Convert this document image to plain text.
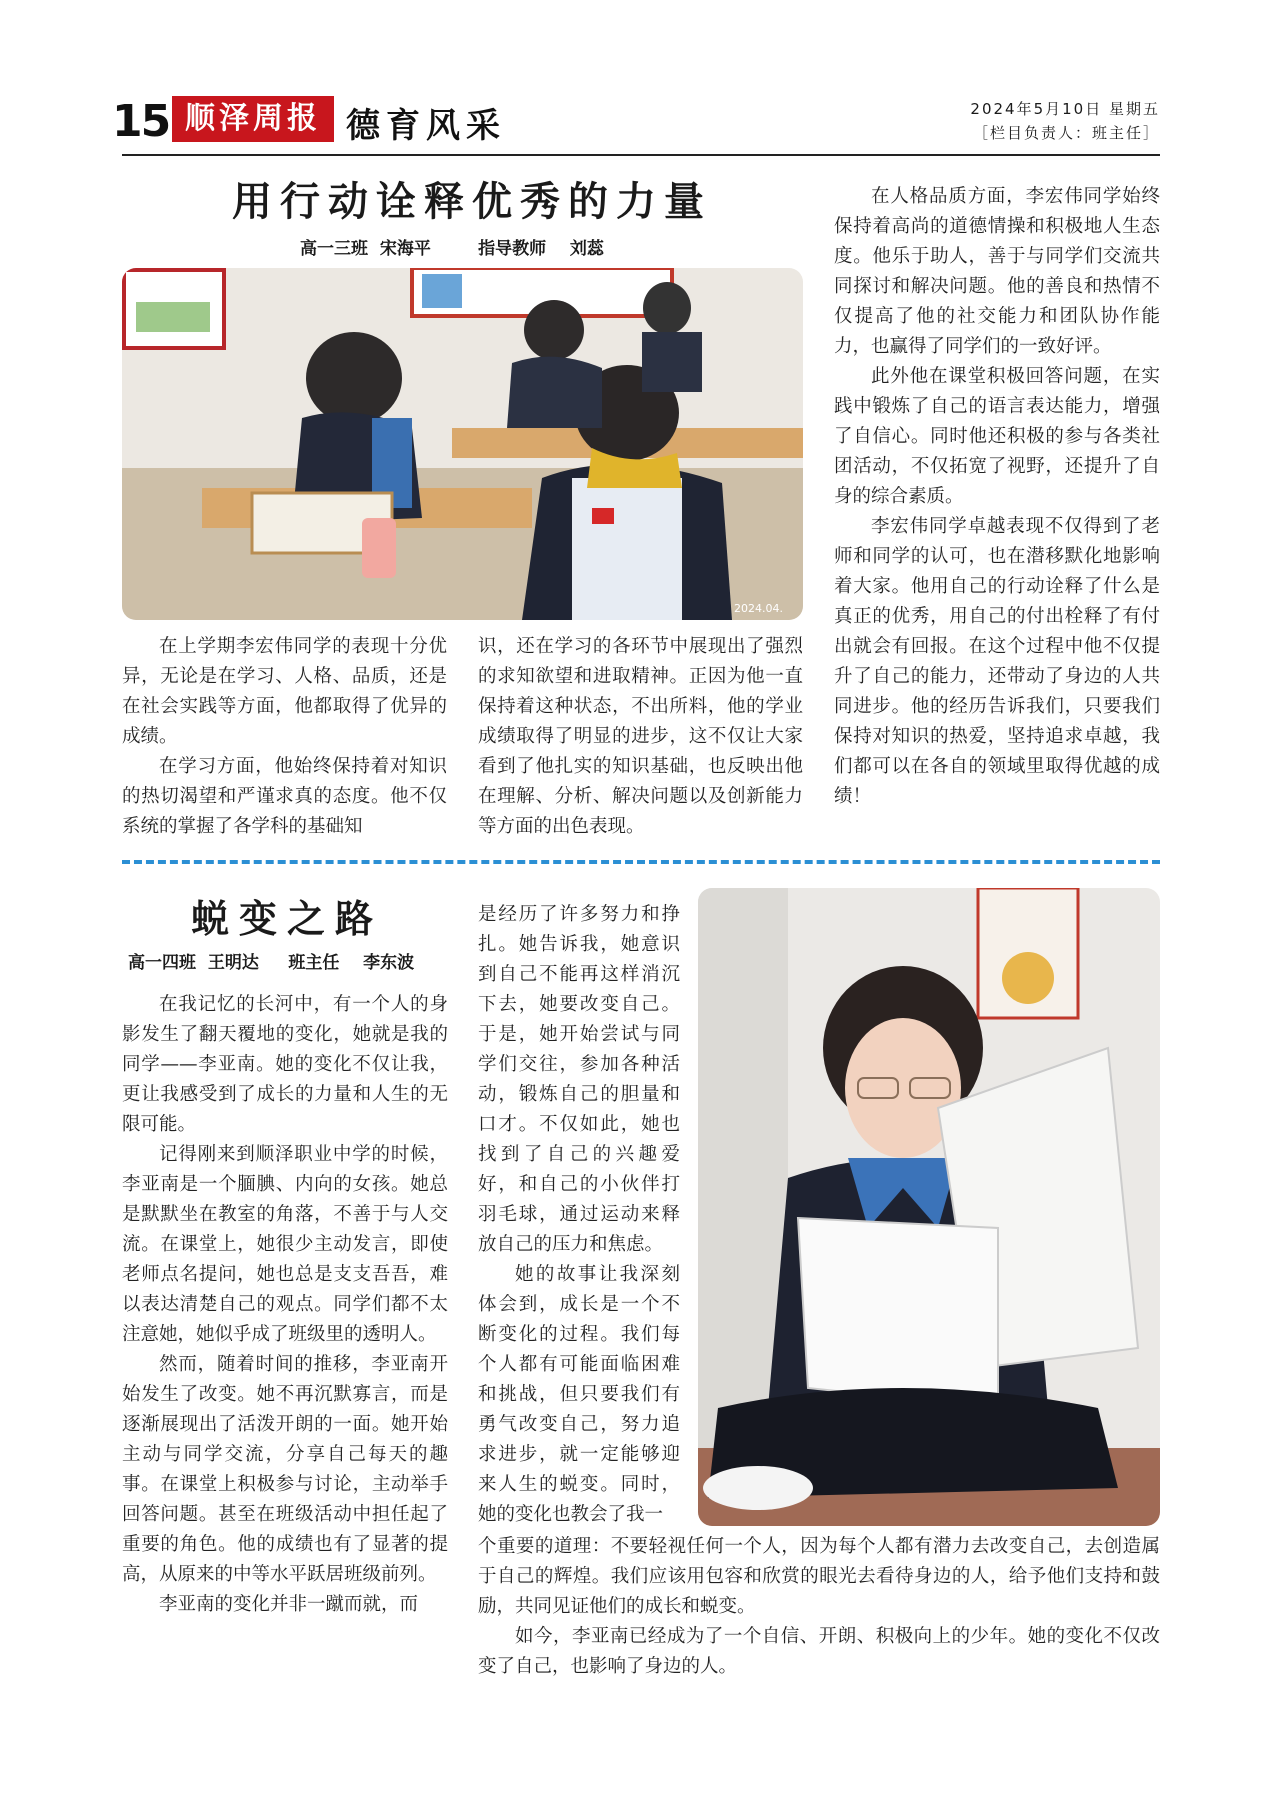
15 顺泽周报 德育风采	2024年5月10日 星期五
［栏目负责人：班主任］
用行动诠释优秀的力量
高一三班  宋海平        指导教师    刘蕊
2024.04.

在上学期李宏伟同学的表现十分优异，无论是在学习、人格、品质，还是在社会实践等方面，他都取得了优异的成绩。

在学习方面，他始终保持着对知识的热切渴望和严谨求真的态度。他不仅系统的掌握了各学科的基础知

识，还在学习的各环节中展现出了强烈的求知欲望和进取精神。正因为他一直保持着这种状态，不出所料，他的学业成绩取得了明显的进步，这不仅让大家看到了他扎实的知识基础，也反映出他在理解、分析、解决问题以及创新能力等方面的出色表现。

在人格品质方面，李宏伟同学始终保持着高尚的道德情操和积极地人生态度。他乐于助人，善于与同学们交流共同探讨和解决问题。他的善良和热情不仅提高了他的社交能力和团队协作能力，也赢得了同学们的一致好评。

此外他在课堂积极回答问题，在实践中锻炼了自己的语言表达能力，增强了自信心。同时他还积极的参与各类社团活动，不仅拓宽了视野，还提升了自身的综合素质。

李宏伟同学卓越表现不仅得到了老师和同学的认可，也在潜移默化地影响着大家。他用自己的行动诠释了什么是真正的优秀，用自己的付出栓释了有付出就会有回报。在这个过程中他不仅提升了自己的能力，还带动了身边的人共同进步。他的经历告诉我们，只要我们保持对知识的热爱，坚持追求卓越，我们都可以在各自的领域里取得优越的成绩！

蜕变之路
高一四班  王明达     班主任    李东波

在我记忆的长河中，有一个人的身影发生了翻天覆地的变化，她就是我的同学——李亚南。她的变化不仅让我，更让我感受到了成长的力量和人生的无限可能。

记得刚来到顺泽职业中学的时候，李亚南是一个腼腆、内向的女孩。她总是默默坐在教室的角落，不善于与人交流。在课堂上，她很少主动发言，即使老师点名提问，她也总是支支吾吾，难以表达清楚自己的观点。同学们都不太注意她，她似乎成了班级里的透明人。

然而，随着时间的推移，李亚南开始发生了改变。她不再沉默寡言，而是逐渐展现出了活泼开朗的一面。她开始主动与同学交流，分享自己每天的趣事。在课堂上积极参与讨论，主动举手回答问题。甚至在班级活动中担任起了重要的角色。他的成绩也有了显著的提高，从原来的中等水平跃居班级前列。

李亚南的变化并非一蹴而就，而

是经历了许多努力和挣扎。她告诉我，她意识到自己不能再这样消沉下去，她要改变自己。于是，她开始尝试与同学们交往，参加各种活动，锻炼自己的胆量和口才。不仅如此，她也找到了自己的兴趣爱好，和自己的小伙伴打羽毛球，通过运动来释放自己的压力和焦虑。

她的故事让我深刻体会到，成长是一个不断变化的过程。我们每个人都有可能面临困难和挑战，但只要我们有勇气改变自己，努力追求进步，就一定能够迎来人生的蜕变。同时，她的变化也教会了我一

个重要的道理：不要轻视任何一个人，因为每个人都有潜力去改变自己，去创造属于自己的辉煌。我们应该用包容和欣赏的眼光去看待身边的人，给予他们支持和鼓励，共同见证他们的成长和蜕变。

如今，李亚南已经成为了一个自信、开朗、积极向上的少年。她的变化不仅改变了自己，也影响了身边的人。
